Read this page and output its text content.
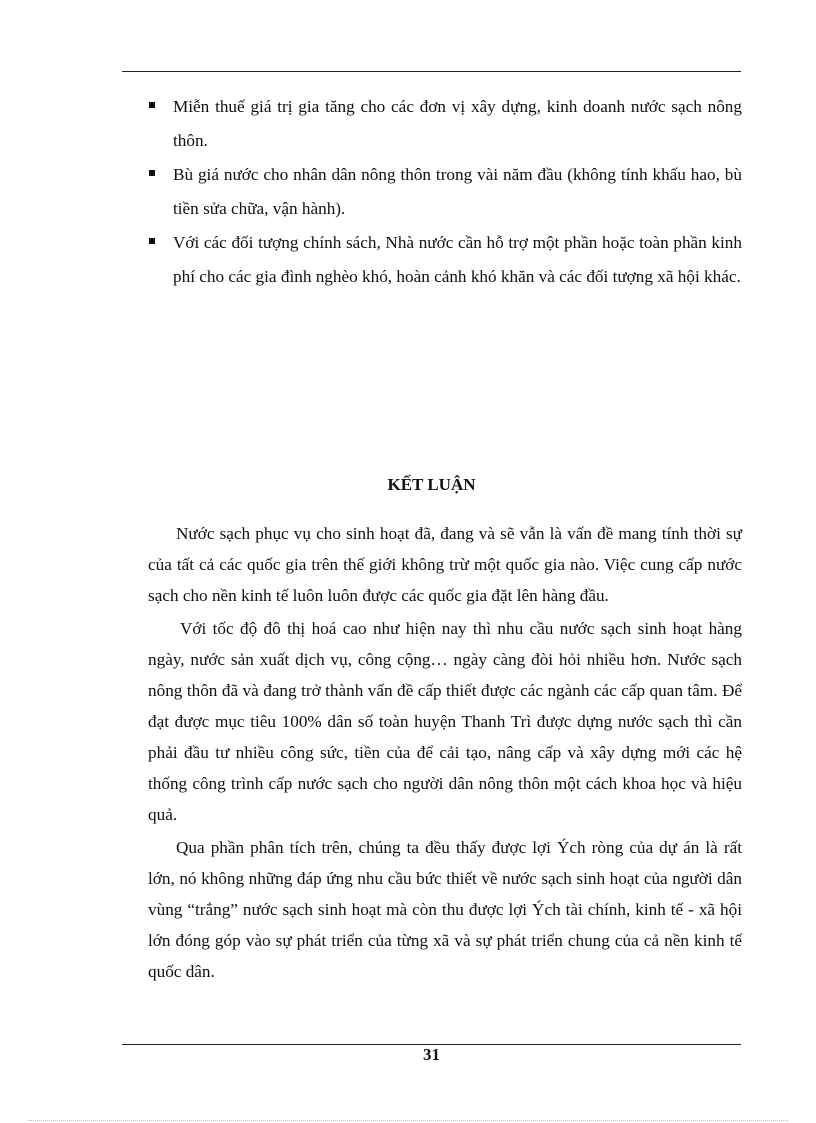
Miễn thuế giá trị gia tăng cho các đơn vị xây dựng, kinh doanh nước sạch nông thôn.
Bù giá nước cho nhân dân nông thôn trong vài năm đầu (không tính khấu hao, bù tiền sửa chữa, vận hành).
Với các đối tượng chính sách, Nhà nước cần hỗ trợ một phần hoặc toàn phần kinh phí cho các gia đình nghèo khó, hoàn cảnh khó khăn và các đối tượng xã hội khác.
KẾT LUẬN

Nước sạch phục vụ cho sinh hoạt đã, đang và sẽ vẫn là vấn đề mang tính thời sự của tất cả các quốc gia trên thế giới không trừ một quốc gia nào. Việc cung cấp nước sạch cho nền kinh tế luôn luôn được các quốc gia đặt lên hàng đầu.

Với tốc độ đô thị hoá cao như hiện nay thì nhu cầu nước sạch sinh hoạt hàng ngày, nước sản xuất dịch vụ, công cộng… ngày càng đòi hỏi nhiều hơn. Nước sạch nông thôn đã và đang trở thành vấn đề cấp thiết được các ngành các cấp quan tâm. Để đạt được mục tiêu 100% dân số toàn huyện Thanh Trì được dựng nước sạch thì cần phải đầu tư nhiều công sức, tiền của để cải tạo, nâng cấp và xây dựng mới các hệ thống công trình cấp nước sạch cho người dân nông thôn một cách khoa học và hiệu quả.

Qua phần phân tích trên, chúng ta đều thấy được lợi Ých ròng của dự án là rất lớn, nó không những đáp ứng nhu cầu bức thiết về nước sạch sinh hoạt của người dân vùng “trắng” nước sạch sinh hoạt mà còn thu được lợi Ých tài chính, kinh tế - xã hội lớn đóng góp vào sự phát triển của từng xã và sự phát triển chung của cả nền kinh tế quốc dân.

31
